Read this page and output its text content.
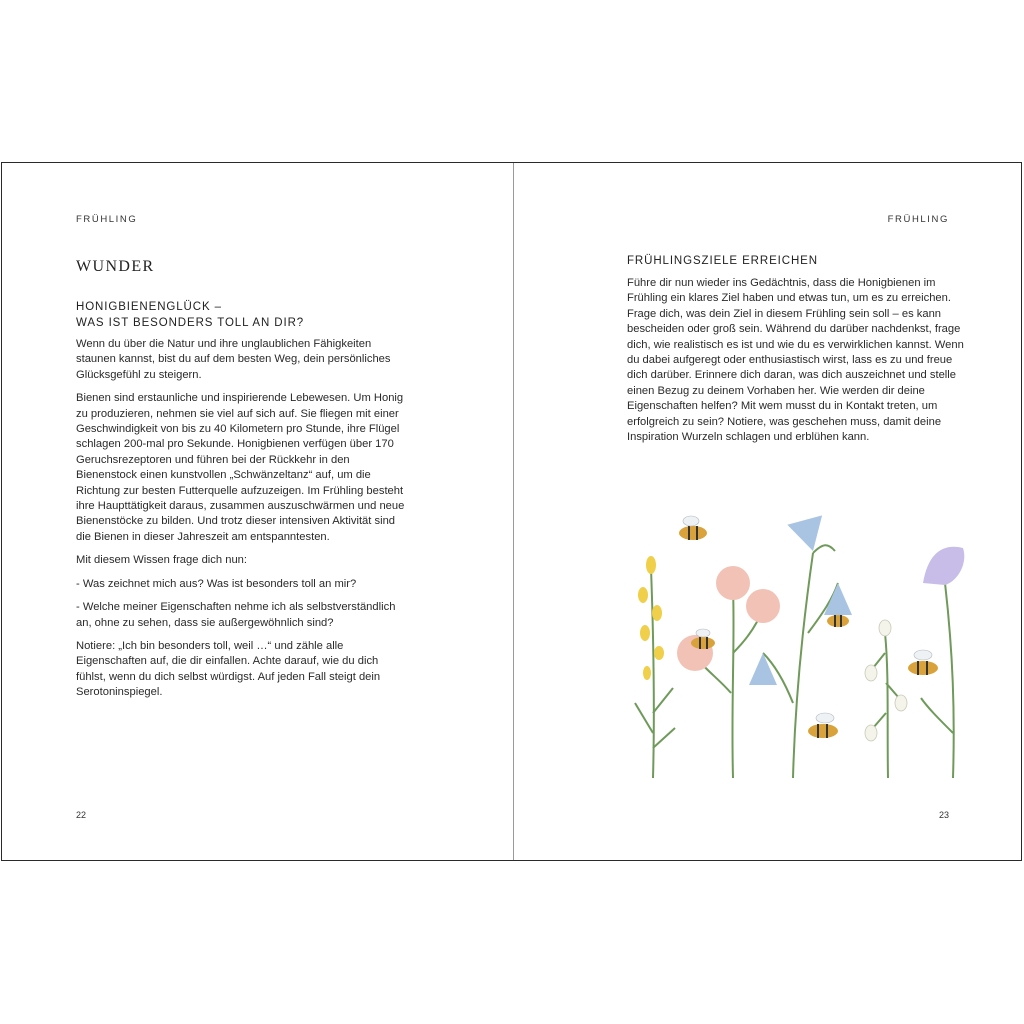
FRÜHLING
WUNDER
HONIGBIENENGLÜCK –
WAS IST BESONDERS TOLL AN DIR?

Wenn du über die Natur und ihre unglaublichen Fähigkeiten staunen kannst, bist du auf dem besten Weg, dein persönliches Glücksgefühl zu steigern.

Bienen sind erstaunliche und inspirierende Lebewesen. Um Honig zu produzieren, nehmen sie viel auf sich auf. Sie fliegen mit einer Geschwindigkeit von bis zu 40 Kilometern pro Stunde, ihre Flügel schlagen 200-mal pro Sekunde. Honigbienen verfügen über 170 Geruchsrezeptoren und führen bei der Rückkehr in den Bienenstock einen kunstvollen „Schwänzeltanz“ auf, um die Richtung zur besten Futterquelle aufzuzeigen. Im Frühling besteht ihre Haupttätigkeit daraus, zusammen auszuschwärmen und neue Bienenstöcke zu bilden. Und trotz dieser intensiven Aktivität sind die Bienen in dieser Jahreszeit am entspanntesten.

Mit diesem Wissen frage dich nun:

- Was zeichnet mich aus? Was ist besonders toll an mir?

- Welche meiner Eigenschaften nehme ich als selbstverständlich an, ohne zu sehen, dass sie außergewöhnlich sind?

Notiere: „Ich bin besonders toll, weil …“ und zähle alle Eigenschaften auf, die dir einfallen. Achte darauf, wie du dich fühlst, wenn du dich selbst würdigst. Auf jeden Fall steigt dein Serotoninspiegel.

22
FRÜHLING
FRÜHLINGSZIELE ERREICHEN

Führe dir nun wieder ins Gedächtnis, dass die Honigbienen im Frühling ein klares Ziel haben und etwas tun, um es zu erreichen. Frage dich, was dein Ziel in diesem Frühling sein soll – es kann bescheiden oder groß sein. Während du darüber nachdenkst, frage dich, wie realistisch es ist und wie du es verwirklichen kannst. Wenn du dabei aufgeregt oder enthusiastisch wirst, lass es zu und freue dich darüber. Erinnere dich daran, was dich auszeichnet und stelle einen Bezug zu deinem Vorhaben her. Wie werden dir deine Eigenschaften helfen? Mit wem musst du in Kontakt treten, um erfolgreich zu sein? Notiere, was geschehen muss, damit deine Inspiration Wurzeln schlagen und erblühen kann.

23
